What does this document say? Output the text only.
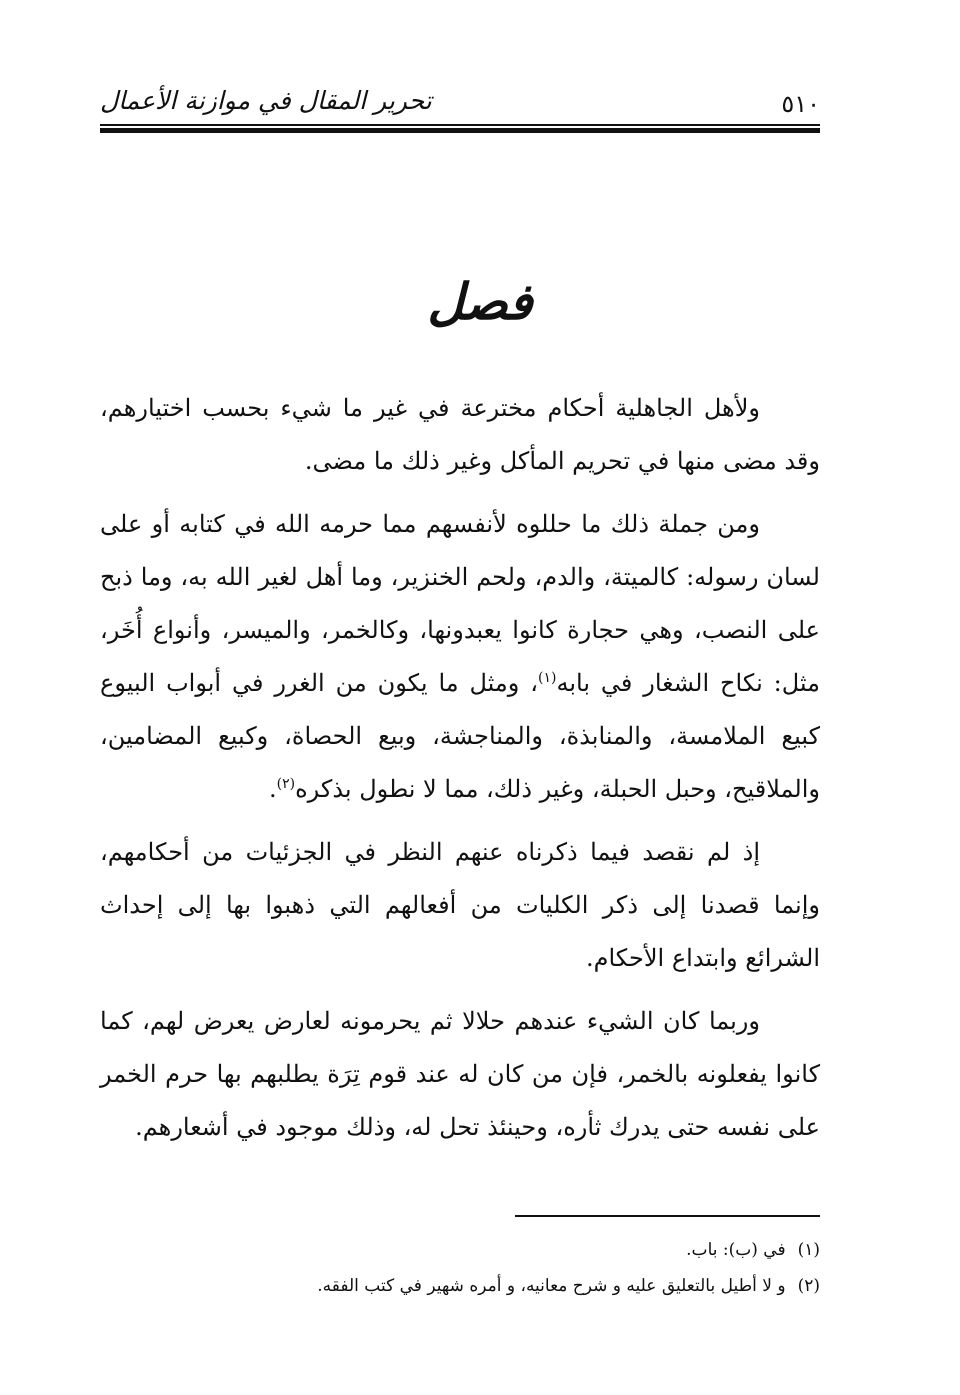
٥١٠
تحرير المقال في موازنة الأعمال
فصل

ولأهل الجاهلية أحكام مخترعة في غير ما شيء بحسب اختيارهم، وقد مضى منها في تحريم المأكل وغير ذلك ما مضى.

ومن جملة ذلك ما حللوه لأنفسهم مما حرمه الله في كتابه أو على لسان رسوله: كالميتة، والدم، ولحم الخنزير، وما أهل لغير الله به، وما ذبح على النصب، وهي حجارة كانوا يعبدونها، وكالخمر، والميسر، وأنواع أُخَر، مثل: نكاح الشغار في بابه$^{(١)}$، ومثل ما يكون من الغرر في أبواب البيوع كبيع الملامسة، والمنابذة، والمناجشة، وبيع الحصاة، وكبيع المضامين، والملاقيح، وحبل الحبلة، وغير ذلك، مما لا نطول بذكره$^{(٢)}$.

إذ لم نقصد فيما ذكرناه عنهم النظر في الجزئيات من أحكامهم، وإنما قصدنا إلى ذكر الكليات من أفعالهم التي ذهبوا بها إلى إحداث الشرائع وابتداع الأحكام.

وربما كان الشيء عندهم حلالا ثم يحرمونه لعارض يعرض لهم، كما كانوا يفعلونه بالخمر، فإن من كان له عند قوم تِرَة يطلبهم بها حرم الخمر على نفسه حتى يدرك ثأره، وحينئذ تحل له، وذلك موجود في أشعارهم.

(١)
في (ب): باب.
(٢)
و لا أطيل بالتعليق عليه و شرح معانيه، و أمره شهير في كتب الفقه.
